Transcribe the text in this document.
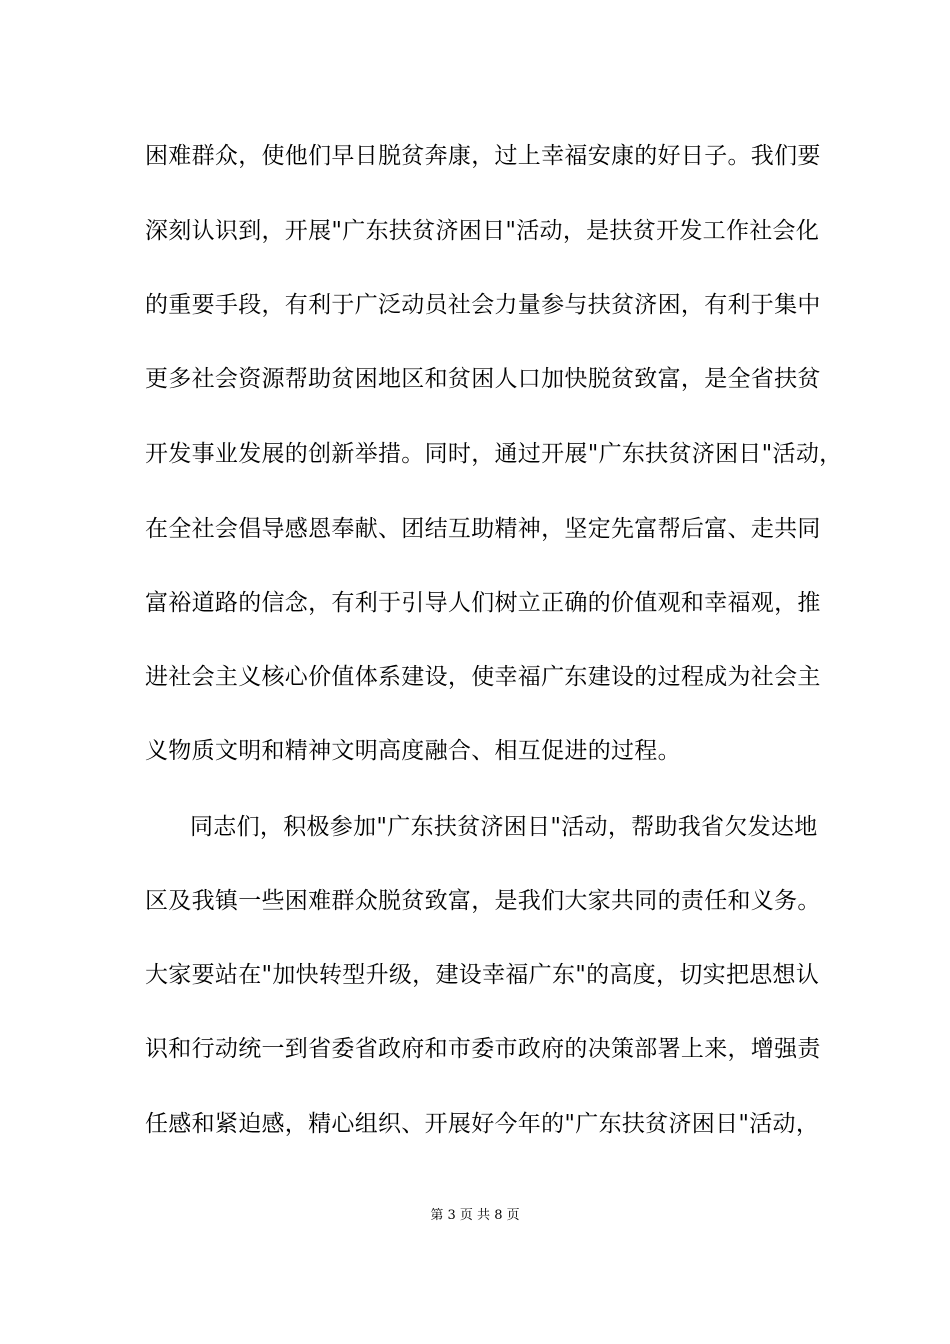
困难群众，使他们早日脱贫奔康，过上幸福安康的好日子。我们要
深刻认识到，开展"广东扶贫济困日"活动，是扶贫开发工作社会化
的重要手段，有利于广泛动员社会力量参与扶贫济困，有利于集中
更多社会资源帮助贫困地区和贫困人口加快脱贫致富，是全省扶贫
开发事业发展的创新举措。同时，通过开展"广东扶贫济困日"活动，
在全社会倡导感恩奉献、团结互助精神，坚定先富帮后富、走共同
富裕道路的信念，有利于引导人们树立正确的价值观和幸福观，推
进社会主义核心价值体系建设，使幸福广东建设的过程成为社会主
义物质文明和精神文明高度融合、相互促进的过程。
同志们，积极参加"广东扶贫济困日"活动，帮助我省欠发达地
区及我镇一些困难群众脱贫致富，是我们大家共同的责任和义务。
大家要站在"加快转型升级，建设幸福广东"的高度，切实把思想认
识和行动统一到省委省政府和市委市政府的决策部署上来，增强责
任感和紧迫感，精心组织、开展好今年的"广东扶贫济困日"活动，
第 3 页 共 8 页
